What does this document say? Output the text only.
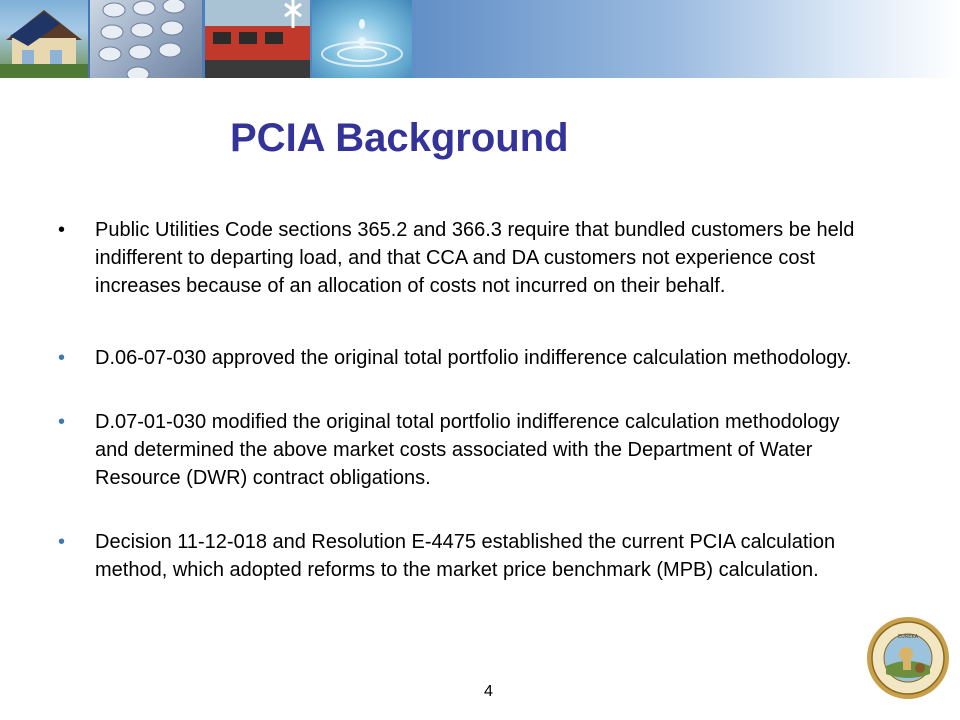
PCIA Background
•	Public Utilities Code sections 365.2 and 366.3 require that bundled customers be held indifferent to departing load, and that CCA and DA customers not experience cost increases because of an allocation of costs not incurred on their behalf.
•	D.06-07-030 approved the original total portfolio indifference calculation methodology.
•	D.07-01-030 modified the original total portfolio indifference calculation methodology and determined the above market costs associated with the Department of Water Resource (DWR) contract obligations.
•	Decision 11-12-018 and Resolution E-4475 established the current PCIA calculation method, which adopted reforms to the market price benchmark (MPB) calculation.
4
EUREKA
